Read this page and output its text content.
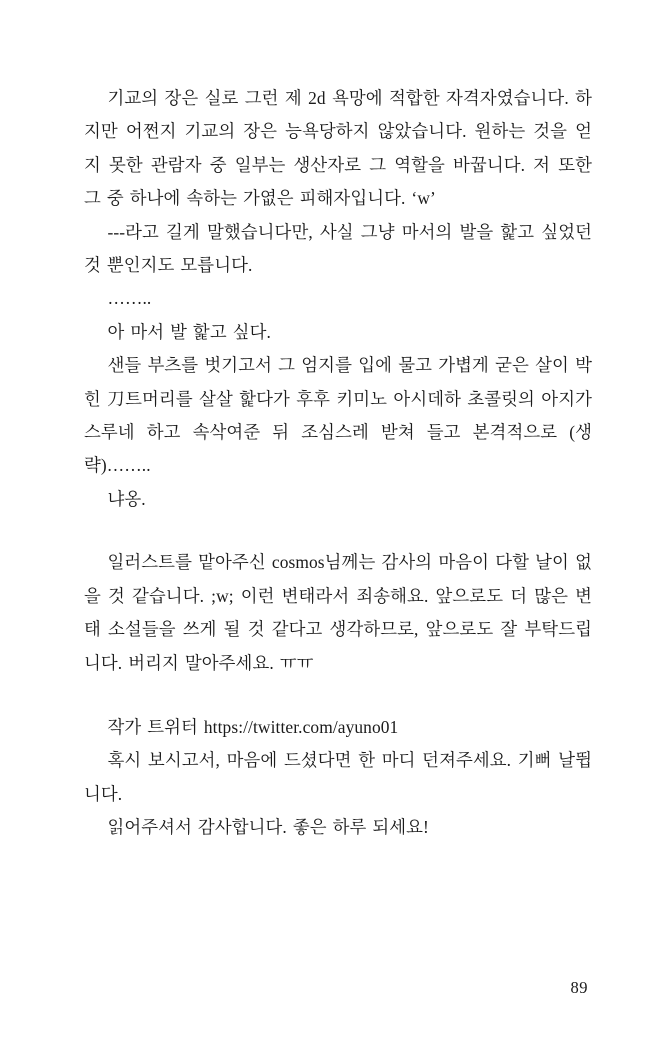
기교의 장은 실로 그런 제 2d 욕망에 적합한 자격자였습니다. 하지만 어쩐지 기교의 장은 능욕당하지 않았습니다. 원하는 것을 얻지 못한 관람자 중 일부는 생산자로 그 역할을 바꿉니다. 저 또한 그 중 하나에 속하는 가엾은 피해자입니다. ‘w’

---라고 길게 말했습니다만, 사실 그냥 마서의 발을 핥고 싶었던 것 뿐인지도 모릅니다.

……..

아 마서 발 핥고 싶다.

샌들 부츠를 벗기고서 그 엄지를 입에 물고 가볍게 굳은 살이 박힌 刀트머리를 살살 핥다가 후후 키미노 아시데하 초콜릿의 아지가 스루네 하고 속삭여준 뒤 조심스레 받쳐 들고 본격적으로 (생략)……..

냐옹.

일러스트를 맡아주신 cosmos님께는 감사의 마음이 다할 날이 없을 것 같습니다. ;w; 이런 변태라서 죄송해요. 앞으로도 더 많은 변태 소설들을 쓰게 될 것 같다고 생각하므로, 앞으로도 잘 부탁드립니다. 버리지 말아주세요. ㅠㅠ

작가 트위터 https://twitter.com/ayuno01

혹시 보시고서, 마음에 드셨다면 한 마디 던져주세요. 기뻐 날뜁니다.

읽어주셔서 감사합니다. 좋은 하루 되세요!

89
